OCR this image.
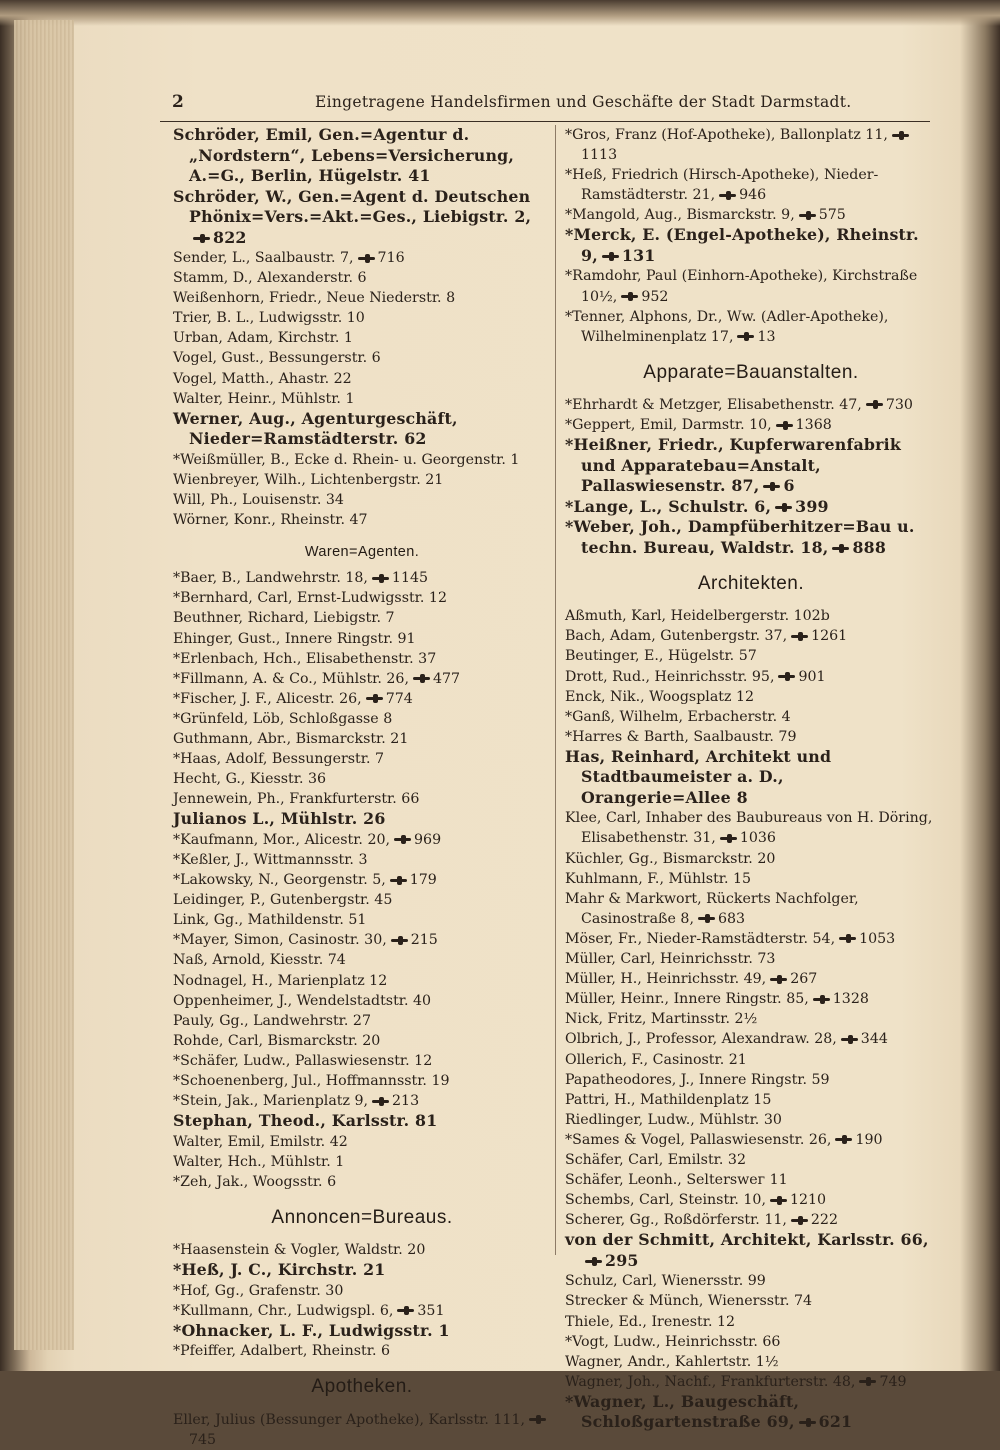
2	Eingetragene Handelsfirmen und Geschäfte der Stadt Darmstadt.

Schröder, Emil, Gen.=Agentur d. „Nordstern“, Lebens=Versicherung, A.=G., Berlin, Hügelstr. 41

Schröder, W., Gen.=Agent d. Deutschen Phönix=Vers.=Akt.=Ges., Liebigstr. 2,822

Sender, L., Saalbaustr. 7, 716

Stamm, D., Alexanderstr. 6

Weißenhorn, Friedr., Neue Niederstr. 8

Trier, B. L., Ludwigsstr. 10

Urban, Adam, Kirchstr. 1

Vogel, Gust., Bessungerstr. 6

Vogel, Matth., Ahastr. 22

Walter, Heinr., Mühlstr. 1

Werner, Aug., Agenturgeschäft, Nieder=Ramstädterstr. 62

*Weißmüller, B., Ecke d. Rhein- u. Georgenstr. 1

Wienbreyer, Wilh., Lichtenbergstr. 21

Will, Ph., Louisenstr. 34

Wörner, Konr., Rheinstr. 47

Waren=Agenten.

*Baer, B., Landwehrstr. 18, 1145

*Bernhard, Carl, Ernst-Ludwigsstr. 12

Beuthner, Richard, Liebigstr. 7

Ehinger, Gust., Innere Ringstr. 91

*Erlenbach, Hch., Elisabethenstr. 37

*Fillmann, A. & Co., Mühlstr. 26, 477

*Fischer, J. F., Alicestr. 26, 774

*Grünfeld, Löb, Schloßgasse 8

Guthmann, Abr., Bismarckstr. 21

*Haas, Adolf, Bessungerstr. 7

Hecht, G., Kiesstr. 36

Jennewein, Ph., Frankfurterstr. 66

Julianos L., Mühlstr. 26

*Kaufmann, Mor., Alicestr. 20, 969

*Keßler, J., Wittmannsstr. 3

*Lakowsky, N., Georgenstr. 5, 179

Leidinger, P., Gutenbergstr. 45

Link, Gg., Mathildenstr. 51

*Mayer, Simon, Casinostr. 30, 215

Naß, Arnold, Kiesstr. 74

Nodnagel, H., Marienplatz 12

Oppenheimer, J., Wendelstadtstr. 40

Pauly, Gg., Landwehrstr. 27

Rohde, Carl, Bismarckstr. 20

*Schäfer, Ludw., Pallaswiesenstr. 12

*Schoenenberg, Jul., Hoffmannsstr. 19

*Stein, Jak., Marienplatz 9, 213

Stephan, Theod., Karlsstr. 81

Walter, Emil, Emilstr. 42

Walter, Hch., Mühlstr. 1

*Zeh, Jak., Woogsstr. 6

Annoncen=Bureaus.

*Haasenstein & Vogler, Waldstr. 20

*Heß, J. C., Kirchstr. 21

*Hof, Gg., Grafenstr. 30

*Kullmann, Chr., Ludwigspl. 6, 351

*Ohnacker, L. F., Ludwigsstr. 1

*Pfeiffer, Adalbert, Rheinstr. 6

Apotheken.

Eller, Julius (Bessunger Apotheke), Karlsstr. 111,745

*Gros, Franz (Hof-Apotheke), Ballonplatz 11,1113

*Heß, Friedrich (Hirsch-Apotheke), Nieder-Ramstädterstr. 21, 946

*Mangold, Aug., Bismarckstr. 9, 575

*Merck, E. (Engel-Apotheke), Rheinstr. 9, 131

*Ramdohr, Paul (Einhorn-Apotheke), Kirchstraße 10½, 952

*Tenner, Alphons, Dr., Ww. (Adler-Apotheke), Wilhelminenplatz 17, 13

Apparate=Bauanstalten.

*Ehrhardt & Metzger, Elisabethenstr. 47, 730

*Geppert, Emil, Darmstr. 10, 1368

*Heißner, Friedr., Kupferwarenfabrik und Apparatebau=Anstalt, Pallaswiesenstr. 87, 6

*Lange, L., Schulstr. 6, 399

*Weber, Joh., Dampfüberhitzer=Bau u. techn. Bureau, Waldstr. 18, 888

Architekten.

Aßmuth, Karl, Heidelbergerstr. 102b

Bach, Adam, Gutenbergstr. 37, 1261

Beutinger, E., Hügelstr. 57

Drott, Rud., Heinrichsstr. 95, 901

Enck, Nik., Woogsplatz 12

*Ganß, Wilhelm, Erbacherstr. 4

*Harres & Barth, Saalbaustr. 79

Has, Reinhard, Architekt und Stadtbaumeister a. D., Orangerie=Allee 8

Klee, Carl, Inhaber des Baubureaus von H. Döring, Elisabethenstr. 31, 1036

Küchler, Gg., Bismarckstr. 20

Kuhlmann, F., Mühlstr. 15

Mahr & Markwort, Rückerts Nachfolger, Casinostraße 8, 683

Möser, Fr., Nieder-Ramstädterstr. 54, 1053

Müller, Carl, Heinrichsstr. 73

Müller, H., Heinrichsstr. 49, 267

Müller, Heinr., Innere Ringstr. 85, 1328

Nick, Fritz, Martinsstr. 2½

Olbrich, J., Professor, Alexandraw. 28, 344

Ollerich, F., Casinostr. 21

Papatheodores, J., Innere Ringstr. 59

Pattri, H., Mathildenplatz 15

Riedlinger, Ludw., Mühlstr. 30

*Sames & Vogel, Pallaswiesenstr. 26, 190

Schäfer, Carl, Emilstr. 32

Schäfer, Leonh., Selterswег 11

Schembs, Carl, Steinstr. 10, 1210

Scherer, Gg., Roßdörferstr. 11, 222

von der Schmitt, Architekt, Karlsstr. 66,295

Schulz, Carl, Wienersstr. 99

Strecker & Münch, Wienersstr. 74

Thiele, Ed., Irenestr. 12

*Vogt, Ludw., Heinrichsstr. 66

Wagner, Andr., Kahlertstr. 1½

Wagner, Joh., Nachf., Frankfurterstr. 48, 749

*Wagner, L., Baugeschäft, Schloßgartenstraße 69, 621
